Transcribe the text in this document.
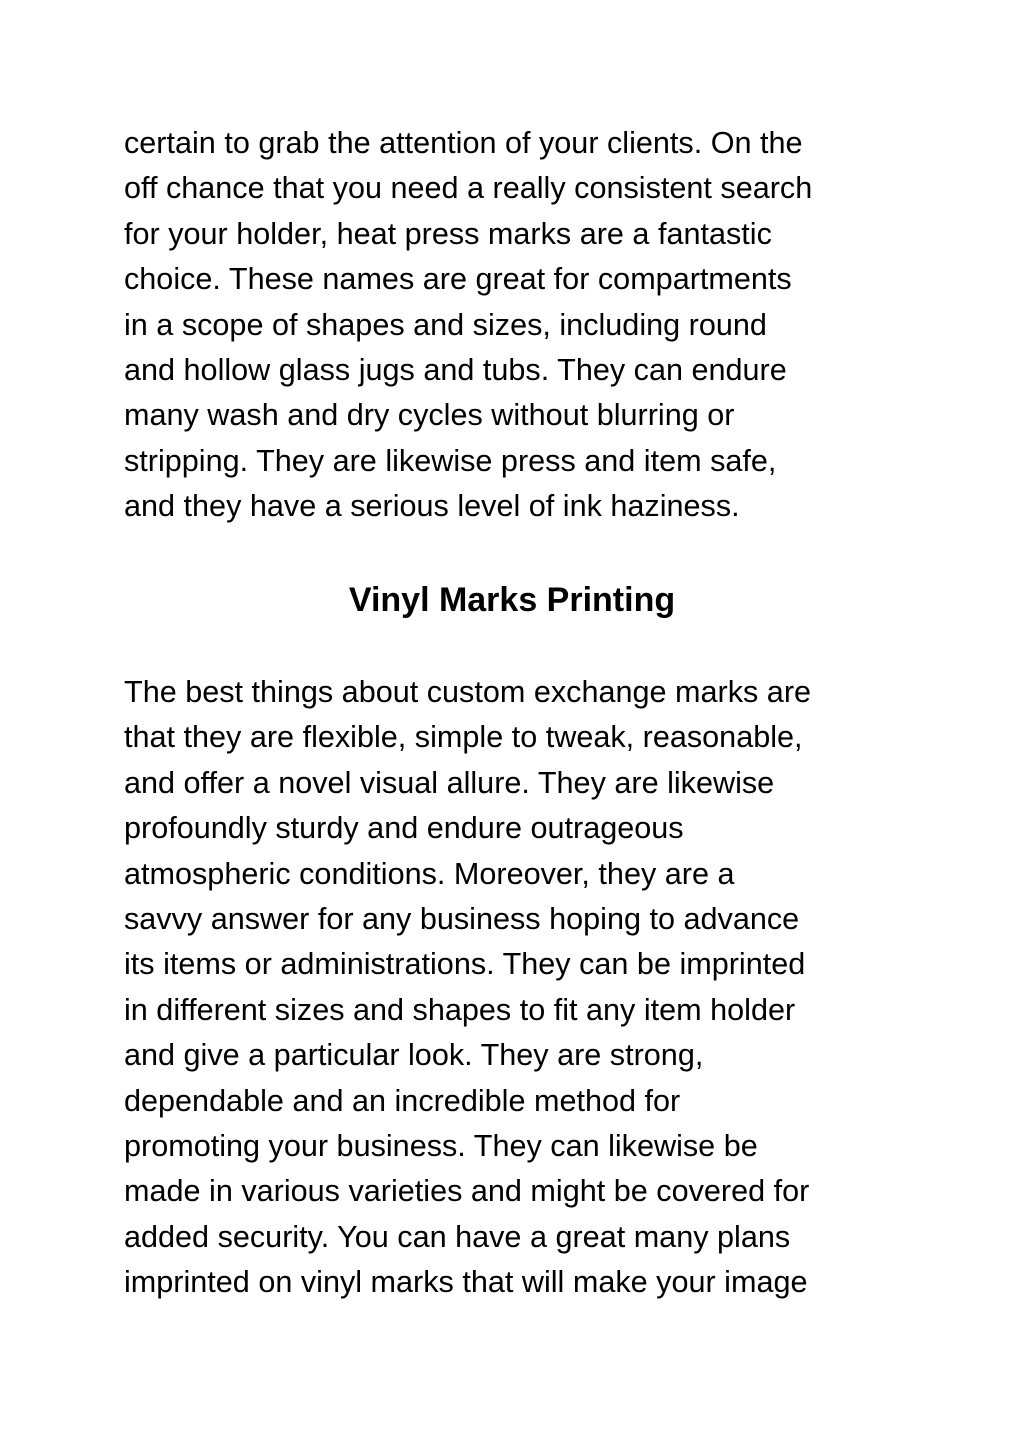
certain to grab the attention of your clients. On the
off chance that you need a really consistent search
for your holder, heat press marks are a fantastic
choice. These names are great for compartments
in a scope of shapes and sizes, including round
and hollow glass jugs and tubs. They can endure
many wash and dry cycles without blurring or
stripping. They are likewise press and item safe,
and they have a serious level of ink haziness.

Vinyl Marks Printing

The best things about custom exchange marks are
that they are flexible, simple to tweak, reasonable,
and offer a novel visual allure. They are likewise
profoundly sturdy and endure outrageous
atmospheric conditions. Moreover, they are a
savvy answer for any business hoping to advance
its items or administrations. They can be imprinted
in different sizes and shapes to fit any item holder
and give a particular look. They are strong,
dependable and an incredible method for
promoting your business. They can likewise be
made in various varieties and might be covered for
added security. You can have a great many plans
imprinted on vinyl marks that will make your image
